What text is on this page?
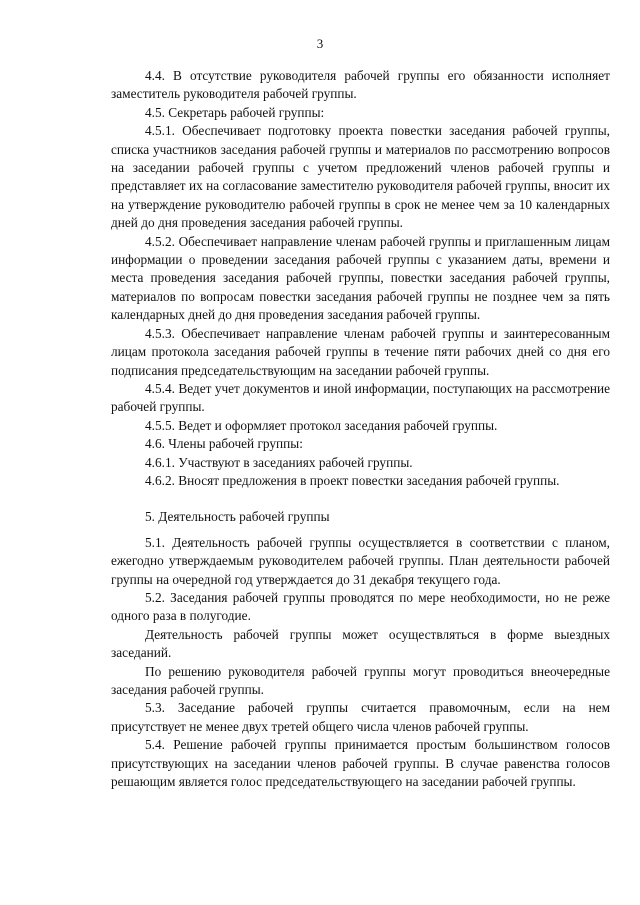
3

4.4. В отсутствие руководителя рабочей группы его обязанности исполняет заместитель руководителя рабочей группы.

4.5. Секретарь рабочей группы:

4.5.1. Обеспечивает подготовку проекта повестки заседания рабочей группы, списка участников заседания рабочей группы и материалов по рассмотрению вопросов на заседании рабочей группы с учетом предложений членов рабочей группы и представляет их на согласование заместителю руководителя рабочей группы, вносит их на утверждение руководителю рабочей группы в срок не менее чем за 10 календарных дней до дня проведения заседания рабочей группы.

4.5.2. Обеспечивает направление членам рабочей группы и приглашенным лицам информации о проведении заседания рабочей группы с указанием даты, времени и места проведения заседания рабочей группы, повестки заседания рабочей группы, материалов по вопросам повестки заседания рабочей группы не позднее чем за пять календарных дней до дня проведения заседания рабочей группы.

4.5.3. Обеспечивает направление членам рабочей группы и заинтересованным лицам протокола заседания рабочей группы в течение пяти рабочих дней со дня его подписания председательствующим на заседании рабочей группы.

4.5.4. Ведет учет документов и иной информации, поступающих на рассмотрение рабочей группы.

4.5.5. Ведет и оформляет протокол заседания рабочей группы.

4.6. Члены рабочей группы:

4.6.1. Участвуют в заседаниях рабочей группы.

4.6.2. Вносят предложения в проект повестки заседания рабочей группы.

5. Деятельность рабочей группы

5.1. Деятельность рабочей группы осуществляется в соответствии с планом, ежегодно утверждаемым руководителем рабочей группы. План деятельности рабочей группы на очередной год утверждается до 31 декабря текущего года.

5.2. Заседания рабочей группы проводятся по мере необходимости, но не реже одного раза в полугодие.

Деятельность рабочей группы может осуществляться в форме выездных заседаний.

По решению руководителя рабочей группы могут проводиться внеочередные заседания рабочей группы.

5.3. Заседание рабочей группы считается правомочным, если на нем присутствует не менее двух третей общего числа членов рабочей группы.

5.4. Решение рабочей группы принимается простым большинством голосов присутствующих на заседании членов рабочей группы. В случае равенства голосов решающим является голос председательствующего на заседании рабочей группы.
